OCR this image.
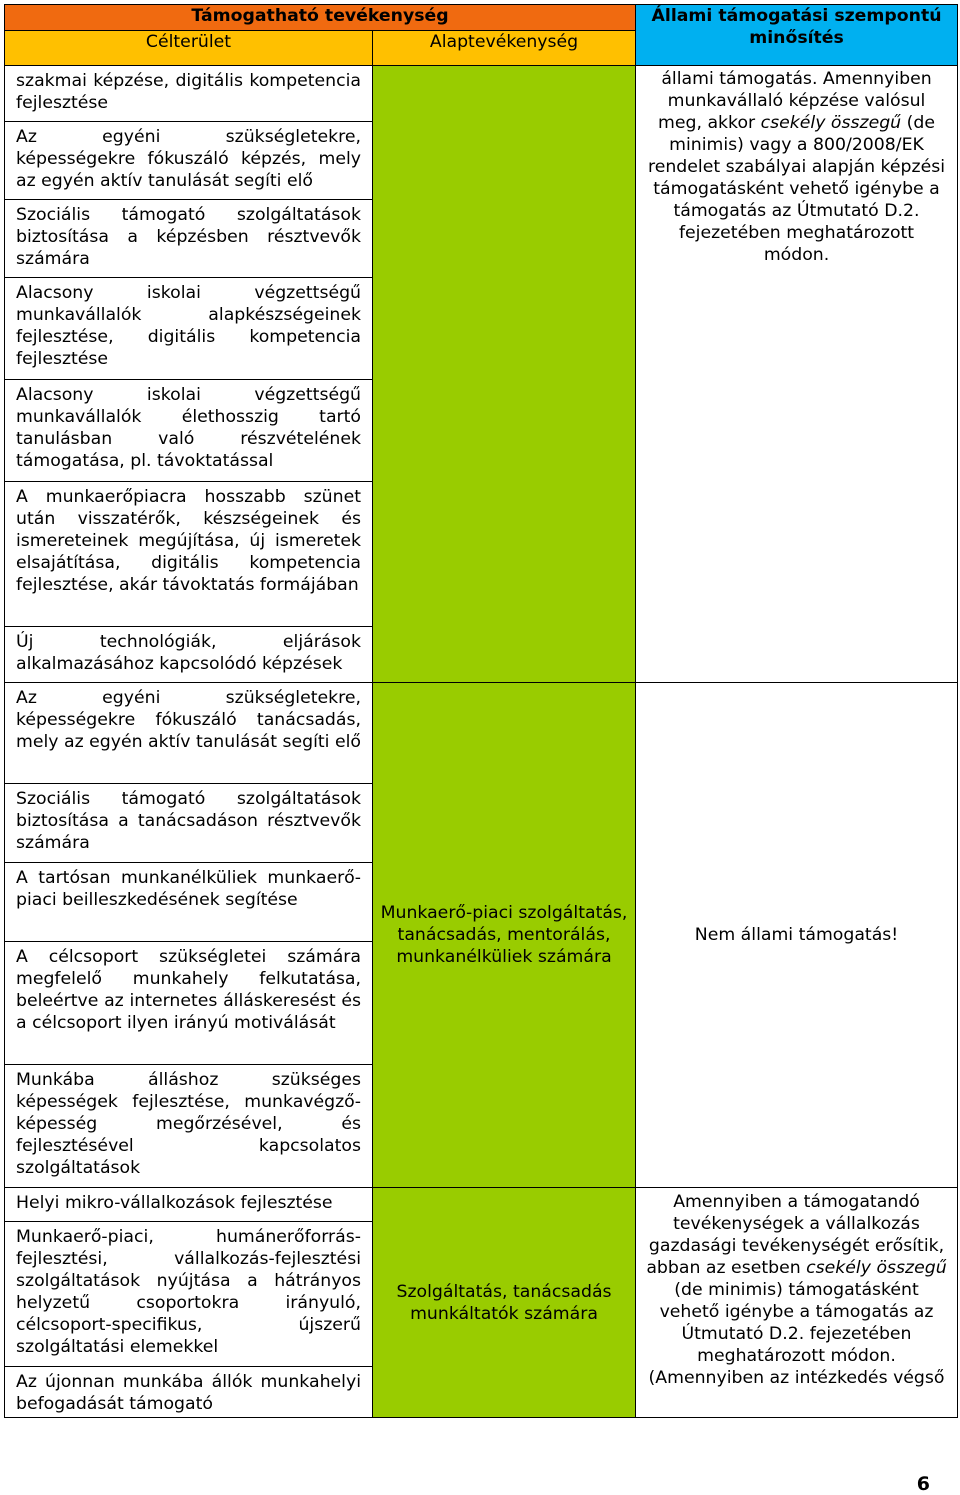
Támogatható tevékenység		Állami támogatási szempontú minősítés
Célterület	Alaptevékenység	
szakmai képzése, digitális kompetencia fejlesztése		állami támogatás. Amennyiben munkavállaló képzése valósul meg, akkor csekély összegű (de minimis) vagy a 800/2008/EK rendelet szabályai alapján képzési támogatásként vehető igénybe a támogatás az Útmutató D.2. fejezetében meghatározott módon.

Az egyéni szükségletekre, képességekre fókuszáló képzés, mely az egyén aktív tanulását segíti elő		
Szociális támogató szolgáltatások biztosítása a képzésben résztvevők számára		
Alacsony iskolai végzettségű munkavállalók alapkészségeinek fejlesztése, digitális kompetencia fejlesztése		
Alacsony iskolai végzettségű munkavállalók élethosszig tartó tanulásban való részvételének támogatása, pl. távoktatással		
A munkaerőpiacra hosszabb szünet után visszatérők, készségeinek és ismereteinek megújítása, új ismeretek elsajátítása, digitális kompetencia fejlesztése, akár távoktatás formájában		
Új technológiák, eljárások alkalmazásához kapcsolódó képzések		
Az egyéni szükségletekre, képességekre fókuszáló tanácsadás, mely az egyén aktív tanulását segíti elő	Munkaerő-piaci szolgáltatás, tanácsadás, mentorálás, munkanélküliek számára	Nem állami támogatás!

Szociális támogató szolgáltatások biztosítása a tanácsadáson résztvevők számára		
A tartósan munkanélküliek munkaerő-piaci beilleszkedésének segítése		
A célcsoport szükségletei számára megfelelő munkahely felkutatása, beleértve az internetes álláskeresést és a célcsoport ilyen irányú motiválását		
Munkába álláshoz szükséges képességek fejlesztése, munkavégző-képesség megőrzésével, és fejlesztésével kapcsolatos szolgáltatások		
Helyi mikro-vállalkozások fejlesztése	Szolgáltatás, tanácsadás munkáltatók számára	Amennyiben a támogatandó tevékenységek a vállalkozás gazdasági tevékenységét erősítik, abban az esetben csekély összegű (de minimis) támogatásként vehető igénybe a támogatás az Útmutató D.2. fejezetében meghatározott módon. (Amennyiben az intézkedés végső

Munkaerő-piaci, humánerőforrás-fejlesztési, vállalkozás-fejlesztési szolgáltatások nyújtása a hátrányos helyzetű csoportokra irányuló, célcsoport-specifikus, újszerű szolgáltatási elemekkel		
Az újonnan munkába állók munkahelyi befogadását támogató		
6
